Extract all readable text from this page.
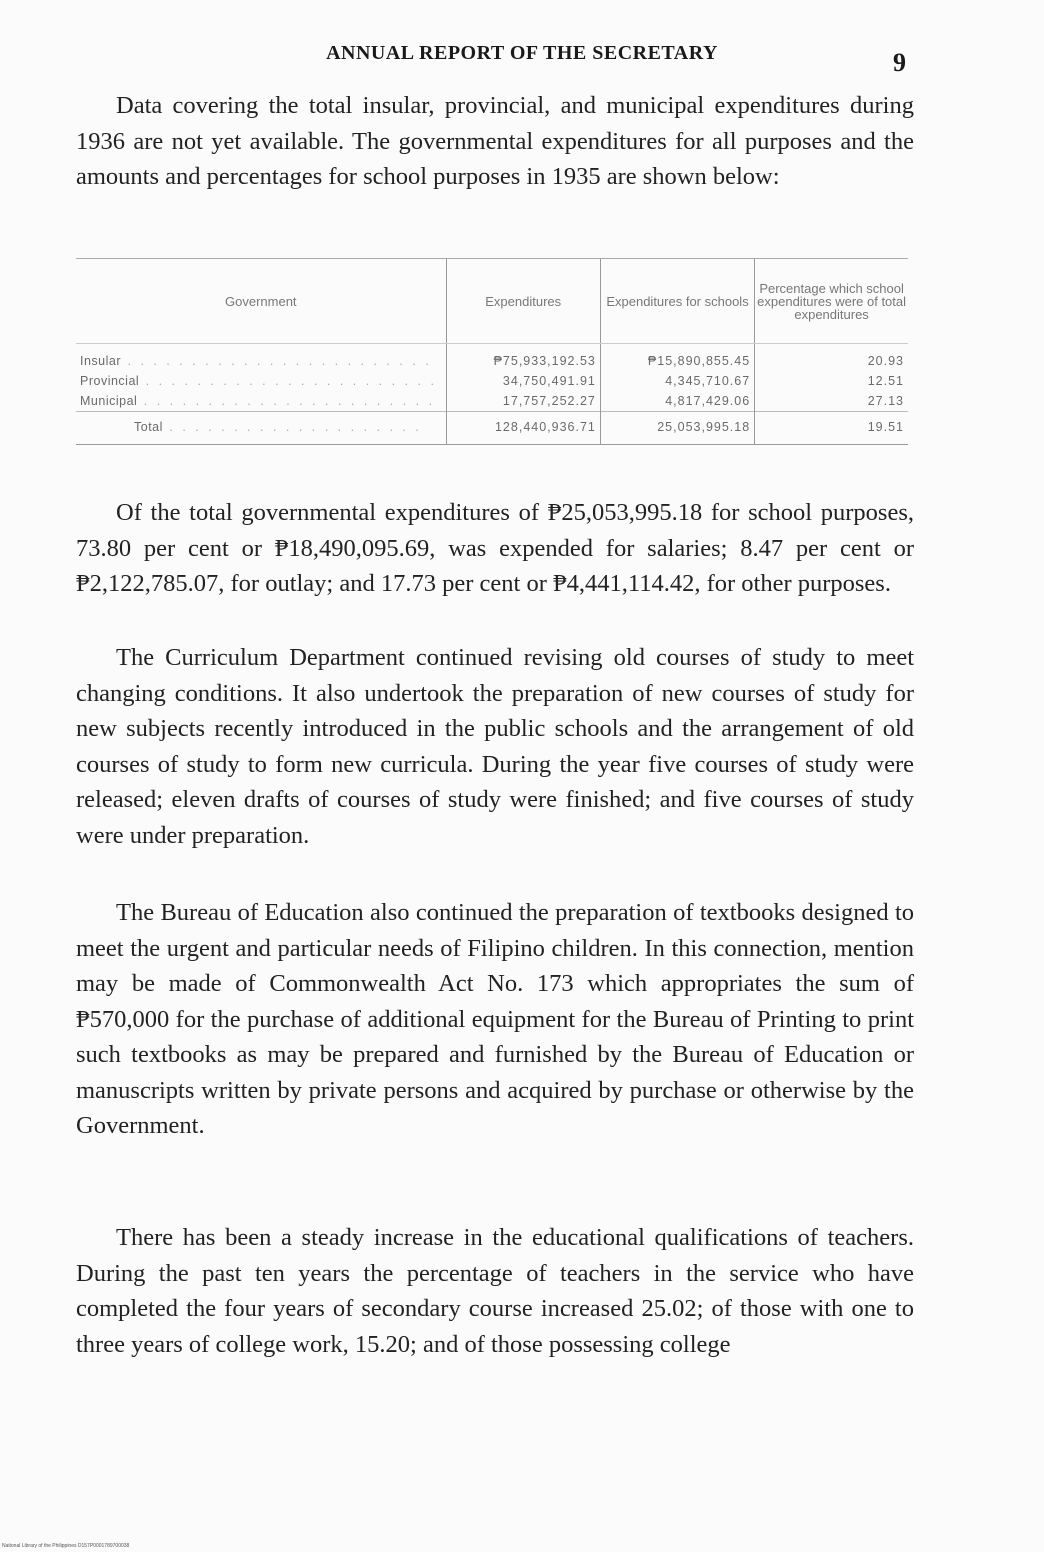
ANNUAL REPORT OF THE SECRETARY	9

Data covering the total insular, provincial, and municipal expenditures during 1936 are not yet available. The governmental expenditures for all purposes and the amounts and percentages for school purposes in 1935 are shown below:

Government	Expenditures	Expenditures for schools	Percentage which school expenditures were of total expenditures
Insular . . . . . . . . . . . . . . . . . . . . . . . .	₱75,933,192.53	₱15,890,855.45	20.93
Provincial . . . . . . . . . . . . . . . . . . . . . . .	34,750,491.91	4,345,710.67	12.51
Municipal . . . . . . . . . . . . . . . . . . . . . . .	17,757,252.27	4,817,429.06	27.13
Total . . . . . . . . . . . . . . . . . . . .	128,440,936.71	25,053,995.18	19.51

Of the total governmental expenditures of ₱25,053,995.18 for school purposes, 73.80 per cent or ₱18,490,095.69, was expended for salaries; 8.47 per cent or ₱2,122,785.07, for outlay; and 17.73 per cent or ₱4,441,114.42, for other purposes.

The Curriculum Department continued revising old courses of study to meet changing conditions. It also undertook the preparation of new courses of study for new subjects recently introduced in the public schools and the arrangement of old courses of study to form new curricula. During the year five courses of study were released; eleven drafts of courses of study were finished; and five courses of study were under preparation.

The Bureau of Education also continued the preparation of textbooks designed to meet the urgent and particular needs of Filipino children. In this connection, mention may be made of Commonwealth Act No. 173 which appropriates the sum of ₱570,000 for the purchase of additional equipment for the Bureau of Printing to print such textbooks as may be prepared and furnished by the Bureau of Education or manuscripts written by private persons and acquired by purchase or otherwise by the Government.

There has been a steady increase in the educational qualifications of teachers. During the past ten years the percentage of teachers in the service who have completed the four years of secondary course increased 25.02; of those with one to three years of college work, 15.20; and of those possessing college

National Library of the Philippines D157P0001789700038
